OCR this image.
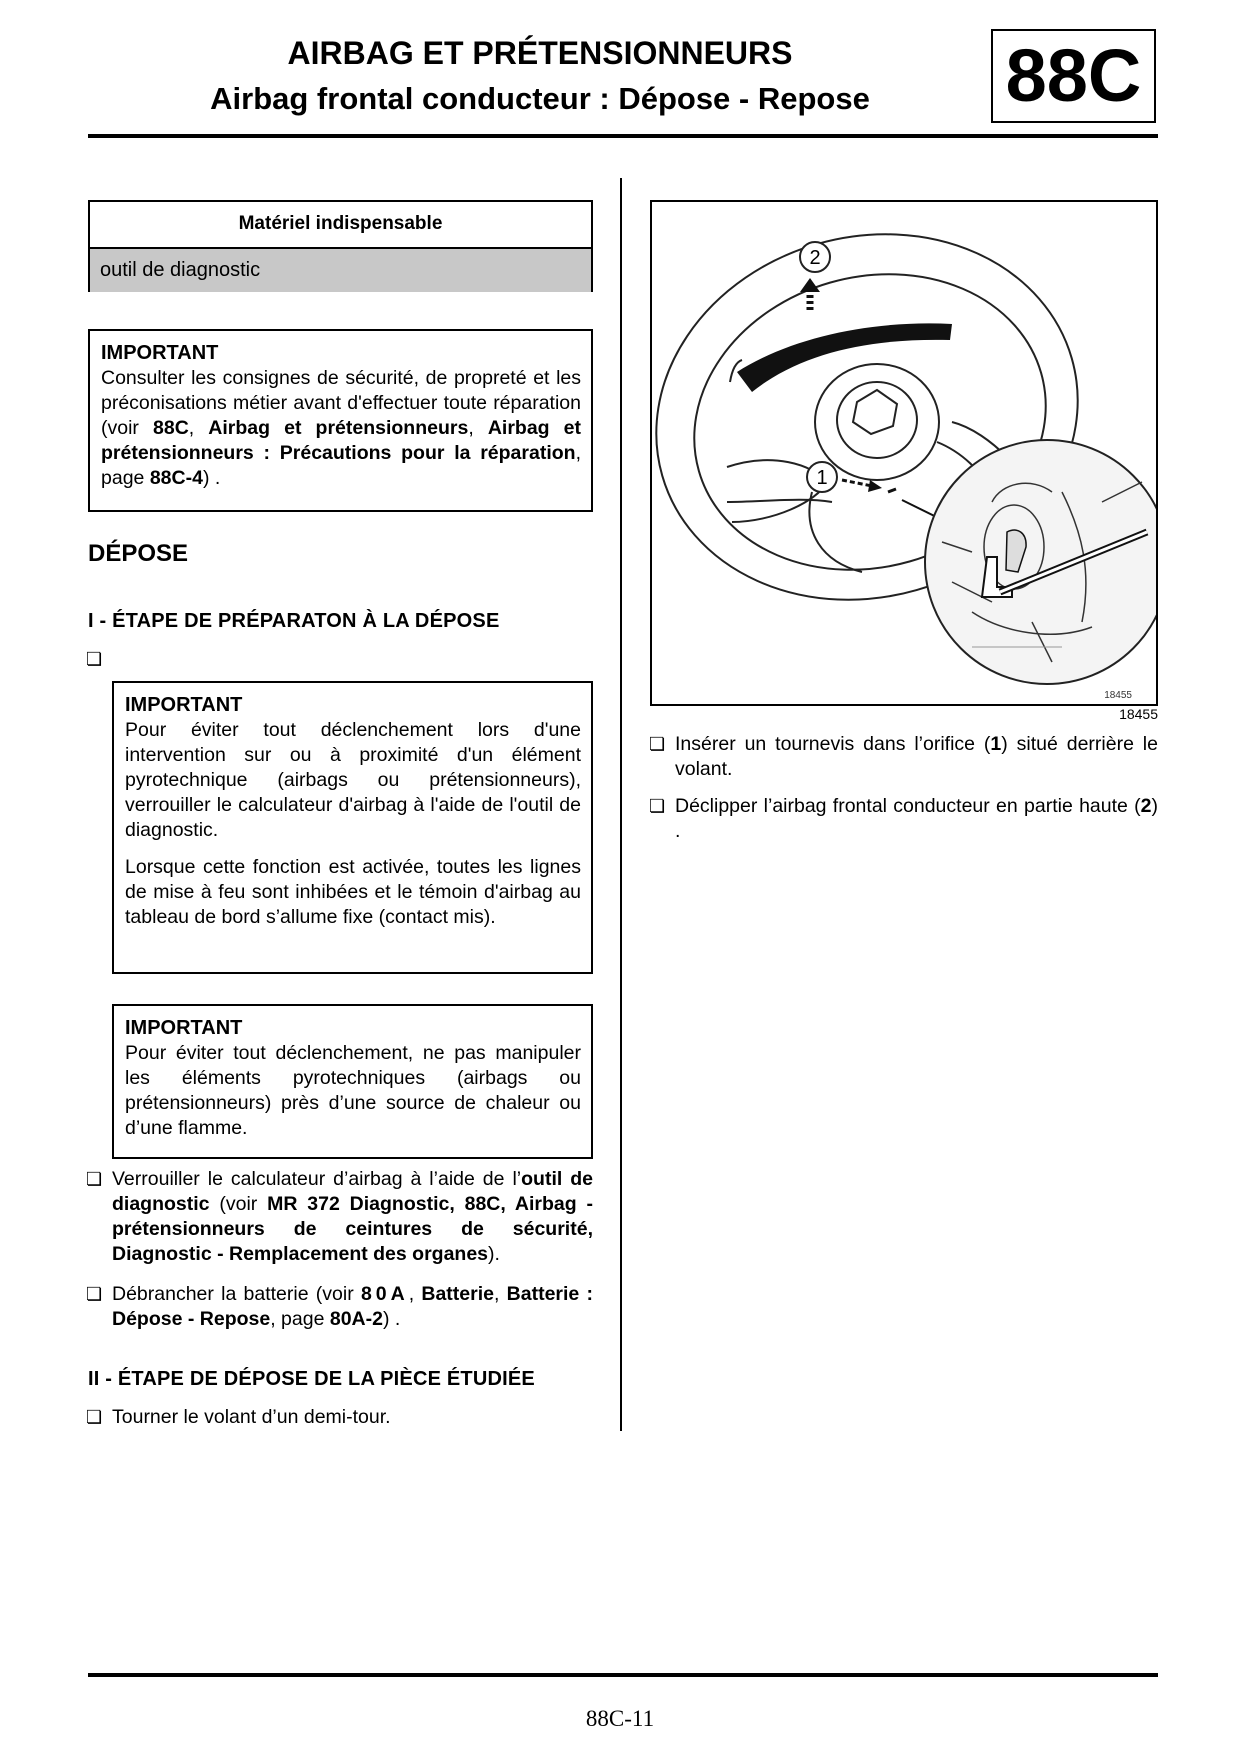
AIRBAG ET PRÉTENSIONNEURS
Airbag frontal conducteur : Dépose - Repose	88C
Matériel indispensable
outil de diagnostic
IMPORTANT

Consulter les consignes de sécurité, de propreté et les préconisations métier avant d'effectuer toute réparation (voir 88C, Airbag et prétensionneurs, Airbag et prétensionneurs : Précautions pour la réparation, page 88C-4) .

DÉPOSE
I - ÉTAPE DE PRÉPARATON À LA DÉPOSE
❏
IMPORTANT

Pour éviter tout déclenchement lors d'une intervention sur ou à proximité d'un élément pyrotechnique (airbags ou prétensionneurs), verrouiller le calculateur d'airbag à l'aide de l'outil de diagnostic.

Lorsque cette fonction est activée, toutes les lignes de mise à feu sont inhibées et le témoin d'airbag au tableau de bord s’allume fixe (contact mis).

IMPORTANT

Pour éviter tout déclenchement, ne pas manipuler les éléments pyrotechniques (airbags ou prétensionneurs) près d’une source de chaleur ou d’une flamme.

❏ Verrouiller le calculateur d’airbag à l’aide de l’outil de diagnostic (voir MR 372 Diagnostic, 88C, Airbag - prétensionneurs de ceintures de sécurité, Diagnostic - Remplacement des organes).
❏ Débrancher la batterie (voir 80A, Batterie, Batterie : Dépose - Repose, page 80A-2) .
II - ÉTAPE DE DÉPOSE DE LA PIÈCE ÉTUDIÉE
❏ Tourner le volant d’un demi-tour.
2
1
18455
18455
❏ Insérer un tournevis dans l’orifice (1) situé derrière le volant.
❏ Déclipper l’airbag frontal conducteur en partie haute (2) .
88C-11
